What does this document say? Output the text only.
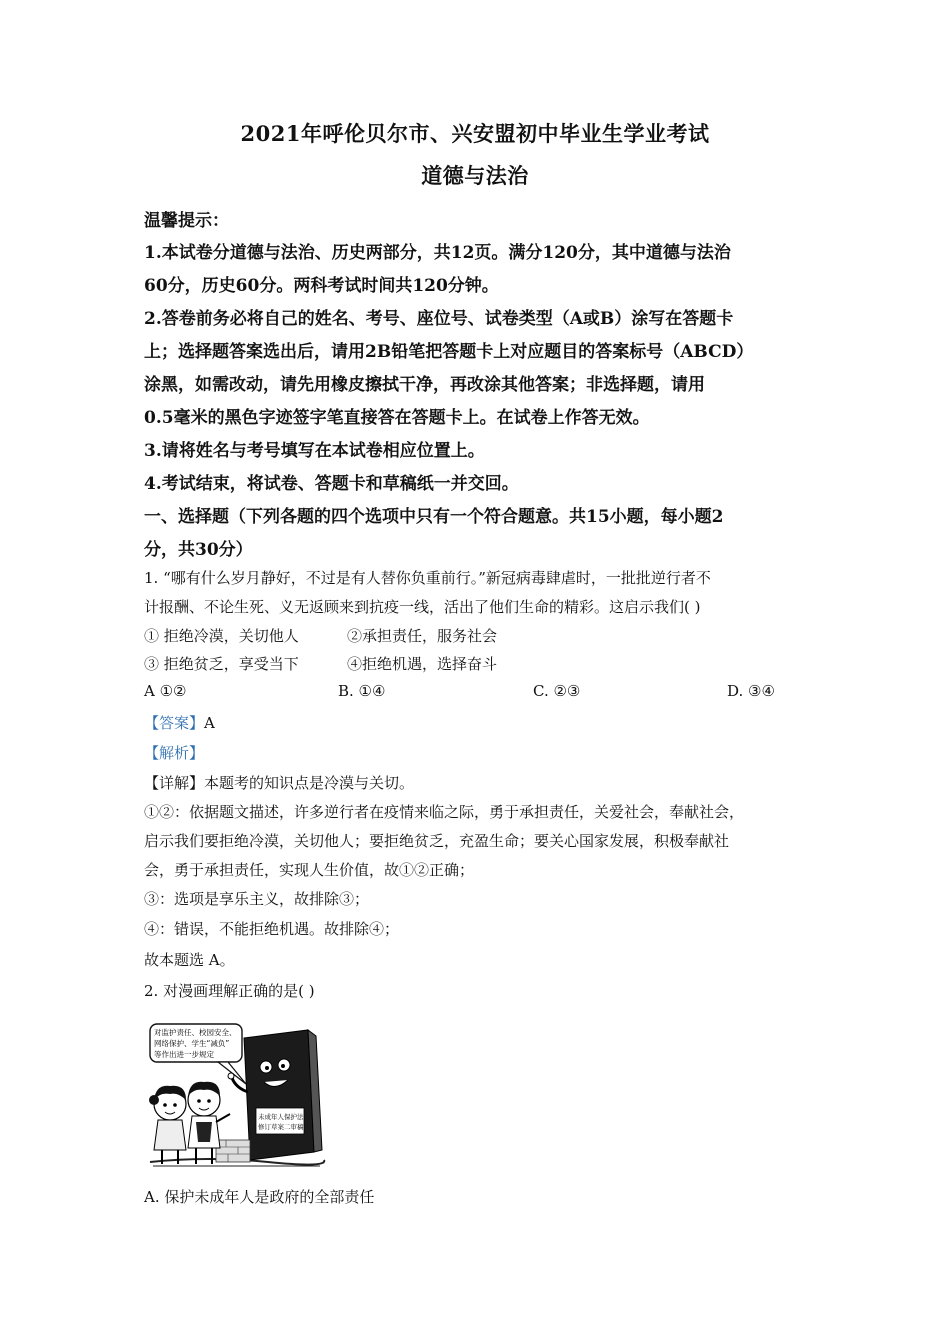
2021年呼伦贝尔市、兴安盟初中毕业生学业考试
道德与法治
温馨提示：
1.本试卷分道德与法治、历史两部分，共12页。满分120分，其中道德与法治
60分，历史60分。两科考试时间共120分钟。
2.答卷前务必将自己的姓名、考号、座位号、试卷类型（A或B）涂写在答题卡
上；选择题答案选出后，请用2B铅笔把答题卡上对应题目的答案标号（ABCD）
涂黑，如需改动，请先用橡皮擦拭干净，再改涂其他答案；非选择题，请用
0.5毫米的黑色字迹签字笔直接答在答题卡上。在试卷上作答无效。
3.请将姓名与考号填写在本试卷相应位置上。
4.考试结束，将试卷、答题卡和草稿纸一并交回。
一、选择题（下列各题的四个选项中只有一个符合题意。共15小题，每小题2
分，共30分）
1. “哪有什么岁月静好，不过是有人替你负重前行。”新冠病毒肆虐时，一批批逆行者不
计报酬、不论生死、义无返顾来到抗疫一线，活出了他们生命的精彩。这启示我们( )
① 拒绝冷漠，关切他人	②承担责任，服务社会
③ 拒绝贫乏，享受当下	④拒绝机遇，选择奋斗
A ①②	B. ①④	C. ②③	D. ③④
【答案】A
【解析】
【详解】本题考的知识点是冷漠与关切。
①②：依据题文描述，许多逆行者在疫情来临之际，勇于承担责任，关爱社会，奉献社会，
启示我们要拒绝冷漠，关切他人；要拒绝贫乏，充盈生命；要关心国家发展，积极奉献社
会，勇于承担责任，实现人生价值，故①②正确；
③：选项是享乐主义，故排除③；
④：错误，不能拒绝机遇。故排除④；
故本题选 A。
2. 对漫画理解正确的是( )
对监护责任、校园安全、
网络保护、学生“减负”
等作出进一步规定
未成年人保护法
修订草案二审稿
A. 保护未成年人是政府的全部责任
